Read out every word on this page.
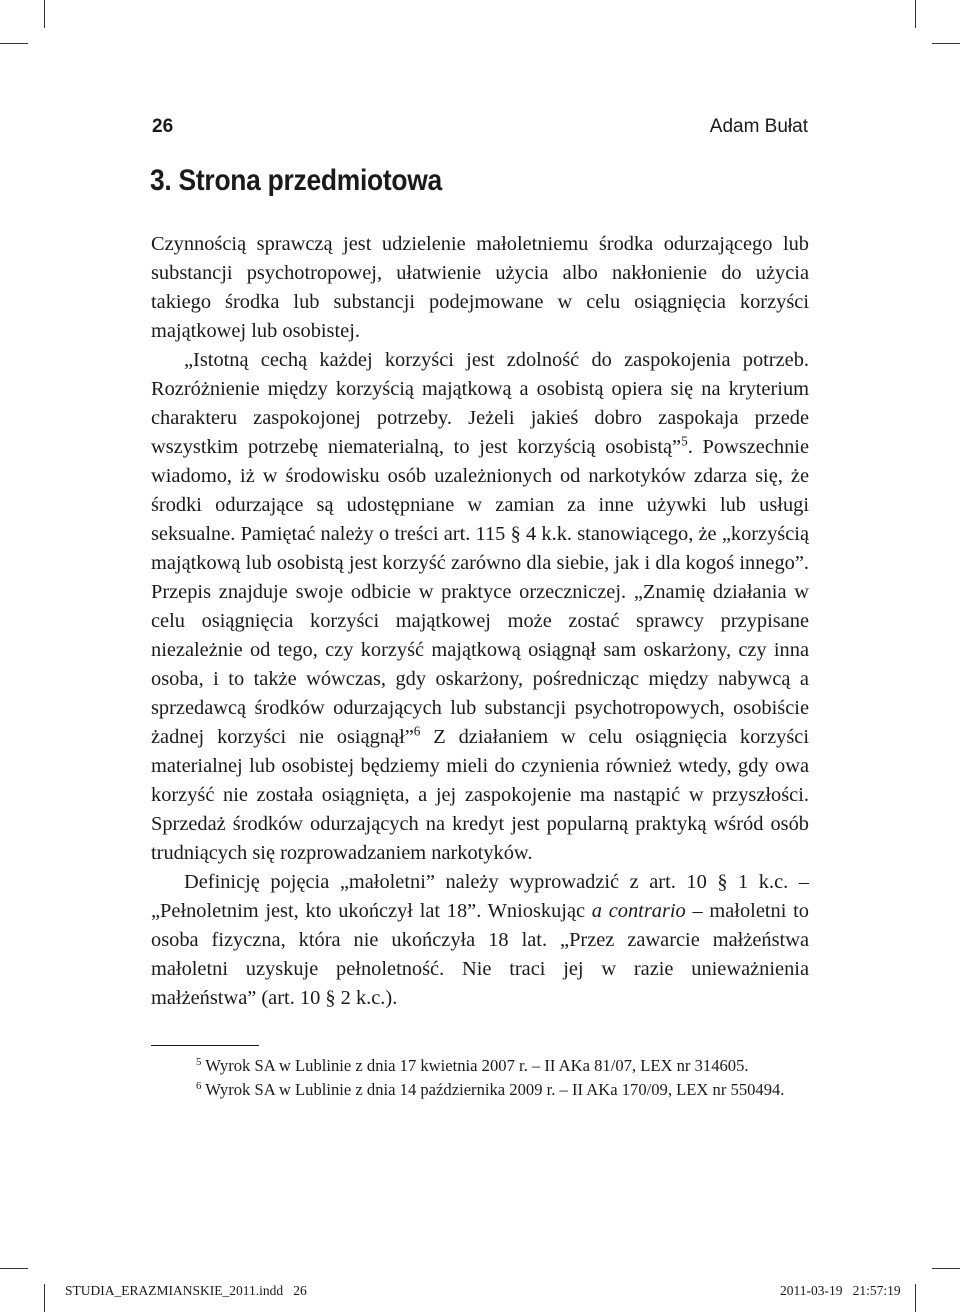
26	Adam Bułat
3. Strona przedmiotowa

Czynnością sprawczą jest udzielenie małoletniemu środka odurzającego lub substancji psychotropowej, ułatwienie użycia albo nakłonienie do użycia takiego środka lub substancji podejmowane w celu osiągnięcia korzyści majątkowej lub osobistej.

„Istotną cechą każdej korzyści jest zdolność do zaspokojenia potrzeb. Rozróżnienie między korzyścią majątkową a osobistą opiera się na kryterium charakteru zaspokojonej potrzeby. Jeżeli jakieś dobro zaspokaja przede wszystkim potrzebę niematerialną, to jest korzyścią osobistą”$^5$. Powszechnie wiadomo, iż w środowisku osób uzależnionych od narkotyków zdarza się, że środki odurzające są udostępniane w zamian za inne używki lub usługi seksualne. Pamiętać należy o treści art. 115 § 4 k.k. stanowiącego, że „korzyścią majątkową lub osobistą jest korzyść zarówno dla siebie, jak i dla kogoś innego”. Przepis znajduje swoje odbicie w praktyce orzeczniczej. „Znamię działania w celu osiągnięcia korzyści majątkowej może zostać sprawcy przypisane niezależnie od tego, czy korzyść majątkową osiągnął sam oskarżony, czy inna osoba, i to także wówczas, gdy oskarżony, pośrednicząc między nabywcą a sprzedawcą środków odurzających lub substancji psychotropowych, osobiście żadnej korzyści nie osiągnął”$^6$ Z działaniem w celu osiągnięcia korzyści materialnej lub osobistej będziemy mieli do czynienia również wtedy, gdy owa korzyść nie została osiągnięta, a jej zaspokojenie ma nastąpić w przyszłości. Sprzedaż środków odurzających na kredyt jest popularną praktyką wśród osób trudniących się rozprowadzaniem narkotyków.

Definicję pojęcia „małoletni” należy wyprowadzić z art. 10 § 1 k.c. – „Pełnoletnim jest, kto ukończył lat 18”. Wnioskując a contrario – małoletni to osoba fizyczna, która nie ukończyła 18 lat. „Przez zawarcie małżeństwa małoletni uzyskuje pełnoletność. Nie traci jej w razie unieważnienia małżeństwa” (art. 10 § 2 k.c.).

$^5$ Wyrok SA w Lublinie z dnia 17 kwietnia 2007 r. – II AKa 81/07, LEX nr 314605.

$^6$ Wyrok SA w Lublinie z dnia 14 października 2009 r. – II AKa 170/09, LEX nr 550494.

STUDIA_ERAZMIANSKIE_2011.indd   26	2011-03-19   21:57:19
